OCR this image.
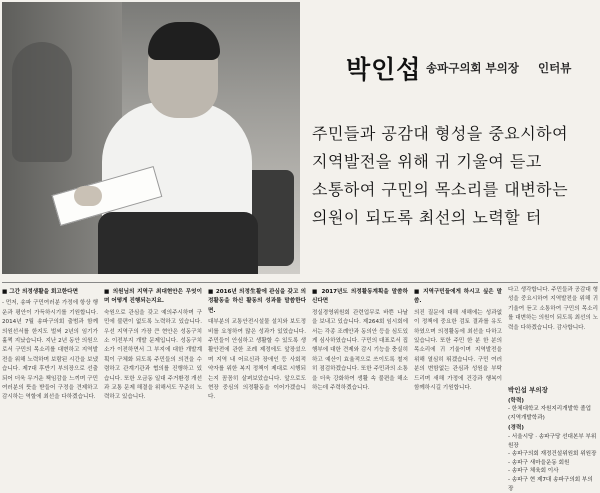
박인섭 송파구의회 부의장 인터뷰
주민들과 공감대 형성을 중요시하여
지역발전을 위해 귀 기울여 듣고
소통하여 구민의 목소리를 대변하는
의원이 되도록 최선의 노력할 터

■ 그간 의정생활을 회고한다면

- 먼저, 송파 구민여러분 가정에 항상 행운과 평안이 가득하시기를 기원합니다. 2014년 7월 송파구의회 출범과 함께 의원선서를 한지도 벌써 2년의 임기가 훌쩍 지났습니다. 지난 2년 동안 의원으로서 구민의 목소리를 대변하고 지역발전을 위해 노력하며 보람된 시간을 보냈습니다. 제7대 후반기 부의장으로 선출되어 더욱 무거운 책임감을 느끼며 구민 여러분의 뜻을 받들어 구정을 견제하고 감시하는 역할에 최선을 다하겠습니다.

■ 의원님의 지역구 최대현안은 무엇이며 어떻게 진행되는지요.

숙원으로 관심을 갖고 예의주시하며 구민에 불편이 없도록 노력하고 있습니다. 우선 지역구의 가장 큰 현안은 성동구치소 이전부지 개발 문제입니다. 성동구치소가 이전하면서 그 부지에 대한 개발계획이 구체화 되도록 주민들의 의견을 수렴하고 관계기관과 협의를 진행하고 있습니다. 또한 오금동 일대 주거환경 개선과 교통 문제 해결을 위해서도 꾸준히 노력하고 있습니다.

■ 2016년 의정生활에 관심을 갖고 의정활동을 하신 활동의 성과를 말씀한다면.

대부분의 교통안전시설물 설치와 보도정비를 요청하여 많은 성과가 있었습니다. 주민들이 안심하고 생활할 수 있도록 생활안전에 관한 조례 제정에도 앞장섰으며 지역 내 어르신과 장애인 등 사회적 약자를 위한 복지 정책이 제대로 시행되는지 꼼꼼히 살펴보았습니다. 앞으로도 현장 중심의 의정활동을 이어가겠습니다.

■ 2017년도 의정활동계획을 말씀하신다면

정실경영위원회 관련업무로 바쁜 나날을 보내고 있습니다. 제264회 임시회에서는 각종 조례안과 동의안 등을 심도있게 심사하였습니다. 구민의 대표로서 집행부에 대한 견제와 감시 기능을 충실히 하고 예산이 효율적으로 쓰이도록 철저히 점검하겠습니다. 또한 주민과의 소통을 더욱 강화하여 생활 속 불편을 해소하는데 주력하겠습니다.

■ 지역구민들에게 하시고 싶은 말씀.

의진 질문에 대해 새해에는 성과없이 정책에 중요한 검토 결과를 유도하였으며 의정활동에 최선을 다하고 있습니다. 또한 주민 한 분 한 분의 목소리에 귀 기울이며 지역발전을 위해 열심히 뛰겠습니다. 구민 여러분의 변함없는 관심과 성원을 부탁드리며 새해 가정에 건강과 행복이 함께하시길 기원합니다.

다고 생각합니다. 주민들과 공감대 형성을 중요시하여 지역발전을 위해 귀 기울여 듣고 소통하여 구민의 목소리를 대변하는 의원이 되도록 최선의 노력을 다하겠습니다. 감사합니다.

박인섭 부의장
(학력)
- 한체대학교 자원지리개발학 졸업(지역개발학과)
(경력)
- 서울시당 · 송파구당 선대본부 부위원장
- 송파구의회 재정건설위원회 위원장
- 송파구 새마을운동 회원
- 송파구 체육회 이사
- 송파구 현 제7대 송파구의회 부의장
